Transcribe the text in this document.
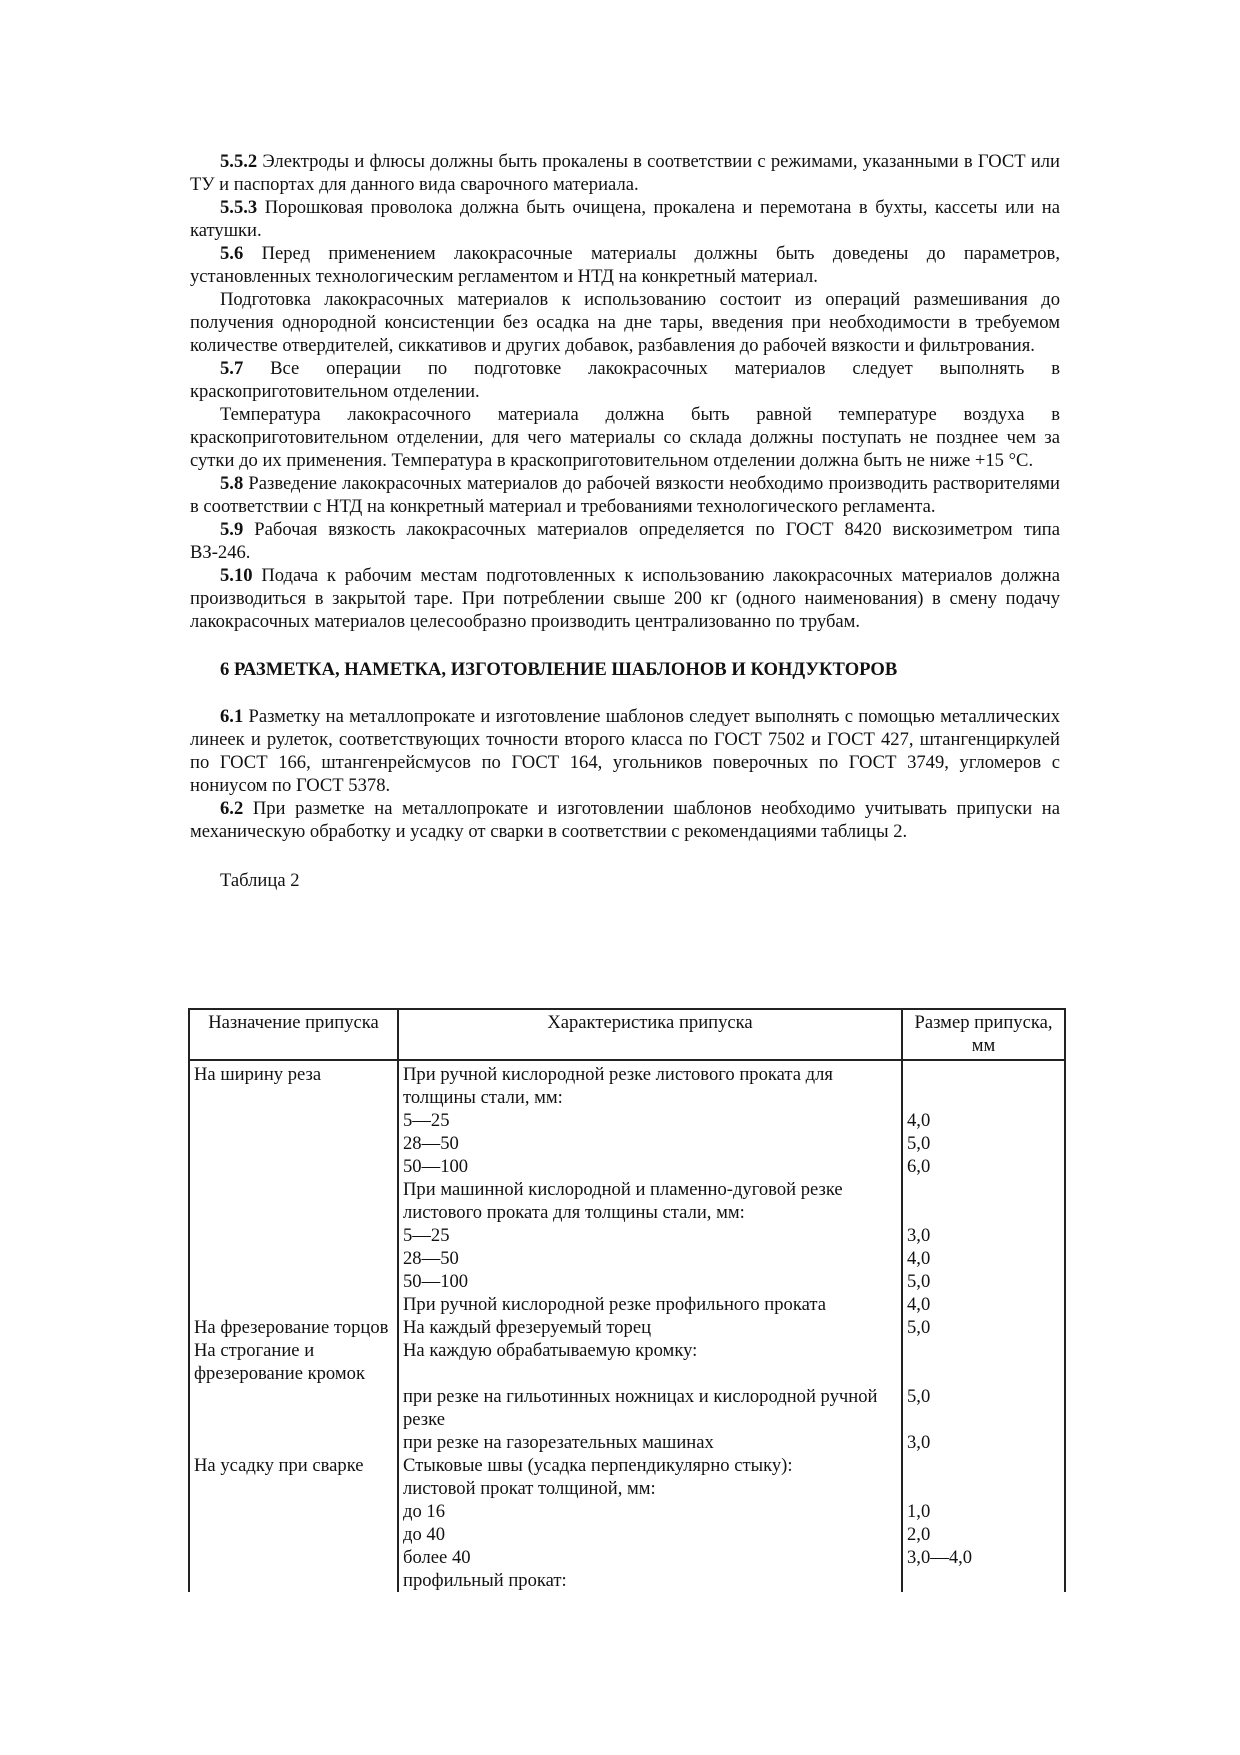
5.5.2 Электроды и флюсы должны быть прокалены в соответствии с режимами, указанными в ГОСТ или ТУ и паспортах для данного вида сварочного материала.

5.5.3 Порошковая проволока должна быть очищена, прокалена и перемотана в бухты, кассеты или на катушки.

5.6 Перед применением лакокрасочные материалы должны быть доведены до параметров, установленных технологическим регламентом и НТД на конкретный материал.

Подготовка лакокрасочных материалов к использованию состоит из операций размешивания до получения однородной консистенции без осадка на дне тары, введения при необходимости в требуемом количестве отвердителей, сиккативов и других добавок, разбавления до рабочей вязкости и фильтрования.

5.7 Все операции по подготовке лакокрасочных материалов следует выполнять в краскоприготовительном отделении.

Температура лакокрасочного материала должна быть равной температуре воздуха в краскоприготовительном отделении, для чего материалы со склада должны поступать не позднее чем за сутки до их применения. Температура в краскоприготовительном отделении должна быть не ниже +15 °С.

5.8 Разведение лакокрасочных материалов до рабочей вязкости необходимо производить растворителями в соответствии с НТД на конкретный материал и требованиями технологического регламента.

5.9 Рабочая вязкость лакокрасочных материалов определяется по ГОСТ 8420 вискозиметром типа ВЗ-246.

5.10 Подача к рабочим местам подготовленных к использованию лакокрасочных материалов должна производиться в закрытой таре. При потреблении свыше 200 кг (одного наименования) в смену подачу лакокрасочных материалов целесообразно производить централизованно по трубам.

6 РАЗМЕТКА, НАМЕТКА, ИЗГОТОВЛЕНИЕ ШАБЛОНОВ И КОНДУКТОРОВ

6.1 Разметку на металлопрокате и изготовление шаблонов следует выполнять с помощью металлических линеек и рулеток, соответствующих точности второго класса по ГОСТ 7502 и ГОСТ 427, штангенциркулей по ГОСТ 166, штангенрейсмусов по ГОСТ 164, угольников поверочных по ГОСТ 3749, угломеров с нониусом по ГОСТ 5378.

6.2 При разметке на металлопрокате и изготовлении шаблонов необходимо учитывать припуски на механическую обработку и усадку от сварки в соответствии с рекомендациями таблицы 2.

Таблица 2
Назначение припуска	Характеристика припуска	Размер припуска, мм
На ширину реза	При ручной кислородной резке листового проката для толщины стали, мм:	
	5—25	4,0
	28—50	5,0
	50—100	6,0
	При машинной кислородной и пламенно-дуговой резке листового проката для толщины стали, мм:	
	5—25	3,0
	28—50	4,0
	50—100	5,0
	При ручной кислородной резке профильного проката	4,0
На фрезерование торцов	На каждый фрезеруемый торец	5,0
На строгание и фрезерование кромок	На каждую обрабатываемую кромку:	
	при резке на гильотинных ножницах и кислородной ручной резке	5,0
	при резке на газорезательных машинах	3,0
На усадку при сварке	Стыковые швы (усадка перпендикулярно стыку):	
	листовой прокат толщиной, мм:	
	до 16	1,0
	до 40	2,0
	более 40	3,0—4,0
	профильный прокат:	
